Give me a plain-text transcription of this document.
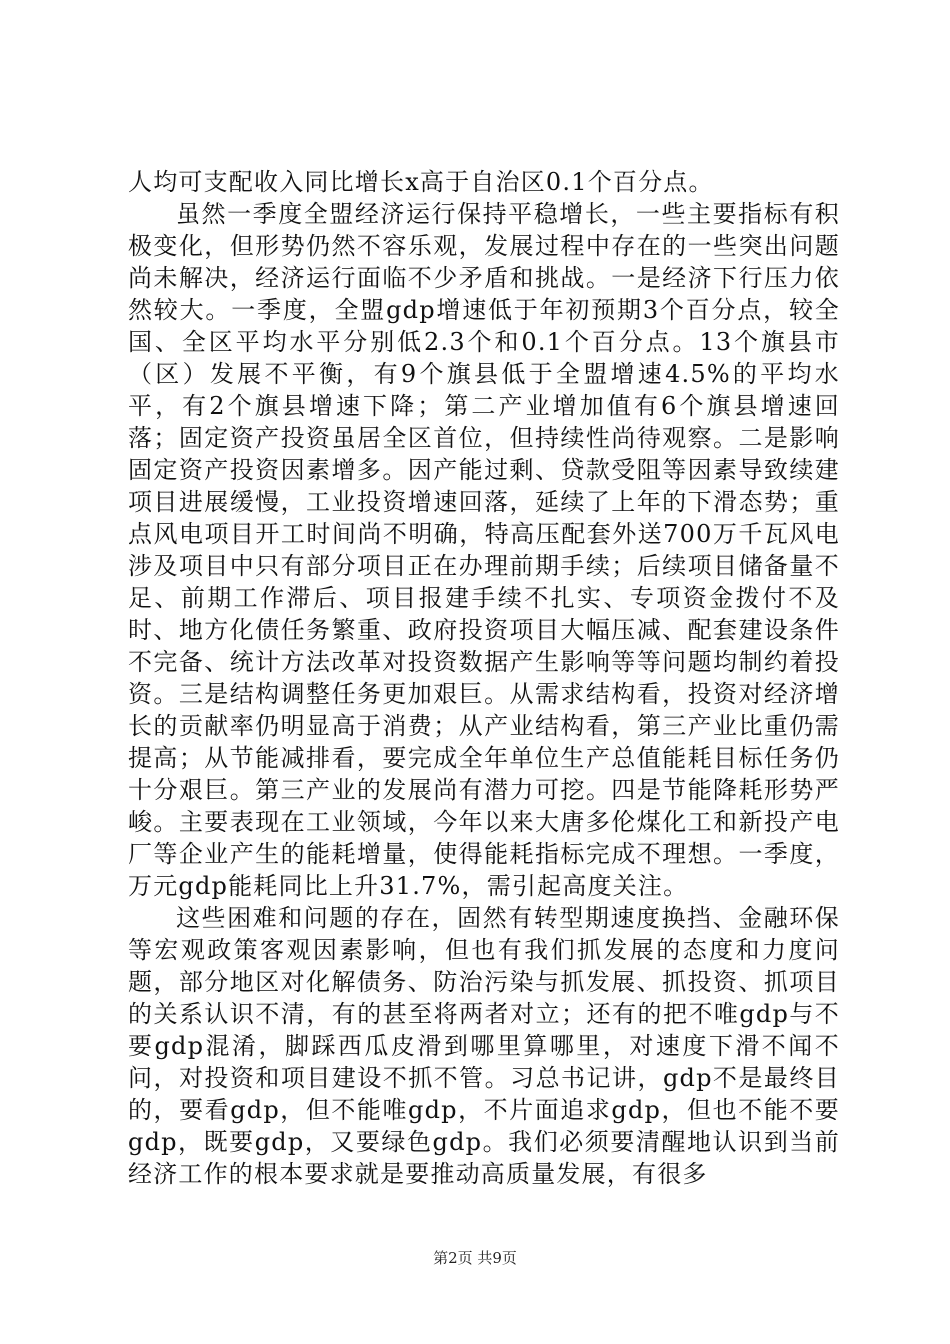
人均可支配收入同比增长x高于自治区0.1个百分点。

虽然一季度全盟经济运行保持平稳增长，一些主要指标有积极变化，但形势仍然不容乐观，发展过程中存在的一些突出问题尚未解决，经济运行面临不少矛盾和挑战。一是经济下行压力依然较大。一季度，全盟gdp增速低于年初预期3个百分点，较全国、全区平均水平分别低2.3个和0.1个百分点。13个旗县市（区）发展不平衡，有9个旗县低于全盟增速4.5%的平均水平，有2个旗县增速下降；第二产业增加值有6个旗县增速回落；固定资产投资虽居全区首位，但持续性尚待观察。二是影响固定资产投资因素增多。因产能过剩、贷款受阻等因素导致续建项目进展缓慢，工业投资增速回落，延续了上年的下滑态势；重点风电项目开工时间尚不明确，特高压配套外送700万千瓦风电涉及项目中只有部分项目正在办理前期手续；后续项目储备量不足、前期工作滞后、项目报建手续不扎实、专项资金拨付不及时、地方化债任务繁重、政府投资项目大幅压减、配套建设条件不完备、统计方法改革对投资数据产生影响等等问题均制约着投资。三是结构调整任务更加艰巨。从需求结构看，投资对经济增长的贡献率仍明显高于消费；从产业结构看，第三产业比重仍需提高；从节能减排看，要完成全年单位生产总值能耗目标任务仍十分艰巨。第三产业的发展尚有潜力可挖。四是节能降耗形势严峻。主要表现在工业领域，今年以来大唐多伦煤化工和新投产电厂等企业产生的能耗增量，使得能耗指标完成不理想。一季度，万元gdp能耗同比上升31.7%，需引起高度关注。

这些困难和问题的存在，固然有转型期速度换挡、金融环保等宏观政策客观因素影响，但也有我们抓发展的态度和力度问题，部分地区对化解债务、防治污染与抓发展、抓投资、抓项目的关系认识不清，有的甚至将两者对立；还有的把不唯gdp与不要gdp混淆，脚踩西瓜皮滑到哪里算哪里，对速度下滑不闻不问，对投资和项目建设不抓不管。习总书记讲，gdp不是最终目的，要看gdp，但不能唯gdp，不片面追求gdp，但也不能不要gdp，既要gdp，又要绿色gdp。我们必须要清醒地认识到当前经济工作的根本要求就是要推动高质量发展，有很多

第2页 共9页
